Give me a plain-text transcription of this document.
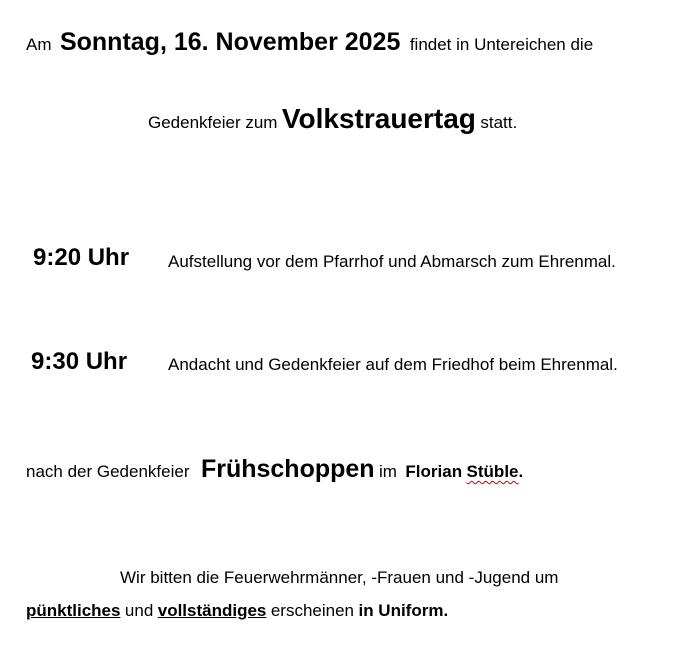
Am Sonntag, 16. November 2025 findet in Untereichen die
Gedenkfeier zum Volkstrauertag statt.
9:20 Uhr Aufstellung vor dem Pfarrhof und Abmarsch zum Ehrenmal.
9:30 Uhr Andacht und Gedenkfeier auf dem Friedhof beim Ehrenmal.
nach der Gedenkfeier Frühschoppen im Florian Stüble.
Wir bitten die Feuerwehrmänner, -Frauen und -Jugend um
pünktliches und vollständiges erscheinen in Uniform.
